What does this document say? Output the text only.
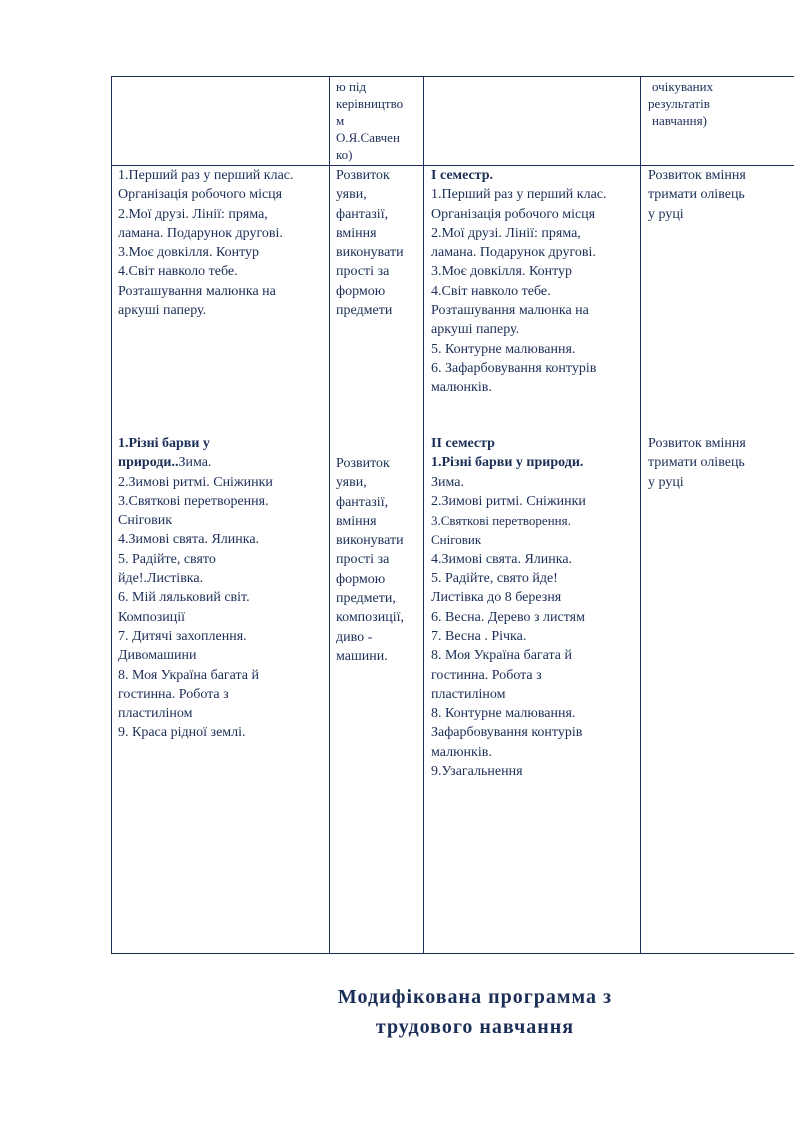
ю під
керівництво
м
О.Я.Савчен
ко)
очікуваних
результатів
навчання)
1.Перший раз у перший клас.
Організація робочого місця
2.Мої друзі. Лінії: пряма,
ламана. Подарунок другові.
3.Моє довкілля. Контур
4.Світ навколо тебе.
Розташування малюнка на
аркуші паперу.
Розвиток
уяви,
фантазії,
вміння
виконувати
прості за
формою
предмети
І семестр.
1.Перший раз у перший клас.
Організація робочого місця
2.Мої друзі. Лінії: пряма,
ламана. Подарунок другові.
3.Моє довкілля. Контур
4.Світ навколо тебе.
Розташування малюнка на
аркуші паперу.
5. Контурне малювання.
6. Зафарбовування контурів
малюнків.
Розвиток вміння
тримати олівець
у руці
1.Різні барви у
природи..Зима.
2.Зимові ритмі. Сніжинки
3.Святкові перетворення.
Сніговик
4.Зимові свята. Ялинка.
5. Радійте, свято
йде!.Листівка.
6. Мій ляльковий світ.
Композиції
7. Дитячі захоплення.
Дивомашини
8. Моя Україна багата й
гостинна. Робота з
пластиліном
9. Краса рідної землі.
Розвиток
уяви,
фантазії,
вміння
виконувати
прості за
формою
предмети,
композиції,
диво -
машини.
ІІ семестр
1.Різні барви у природи.
Зима.
2.Зимові ритмі. Сніжинки
3.Святкові перетворення.
Сніговик
4.Зимові свята. Ялинка.
5. Радійте, свято йде!
Листівка до 8 березня
6. Весна. Дерево з листям
7. Весна . Річка.
8. Моя Україна багата й
гостинна. Робота з
пластиліном
8. Контурне малювання.
Зафарбовування контурів
малюнків.
9.Узагальнення
Розвиток вміння
тримати олівець
у руці
Модифікована программа з
трудового навчання
